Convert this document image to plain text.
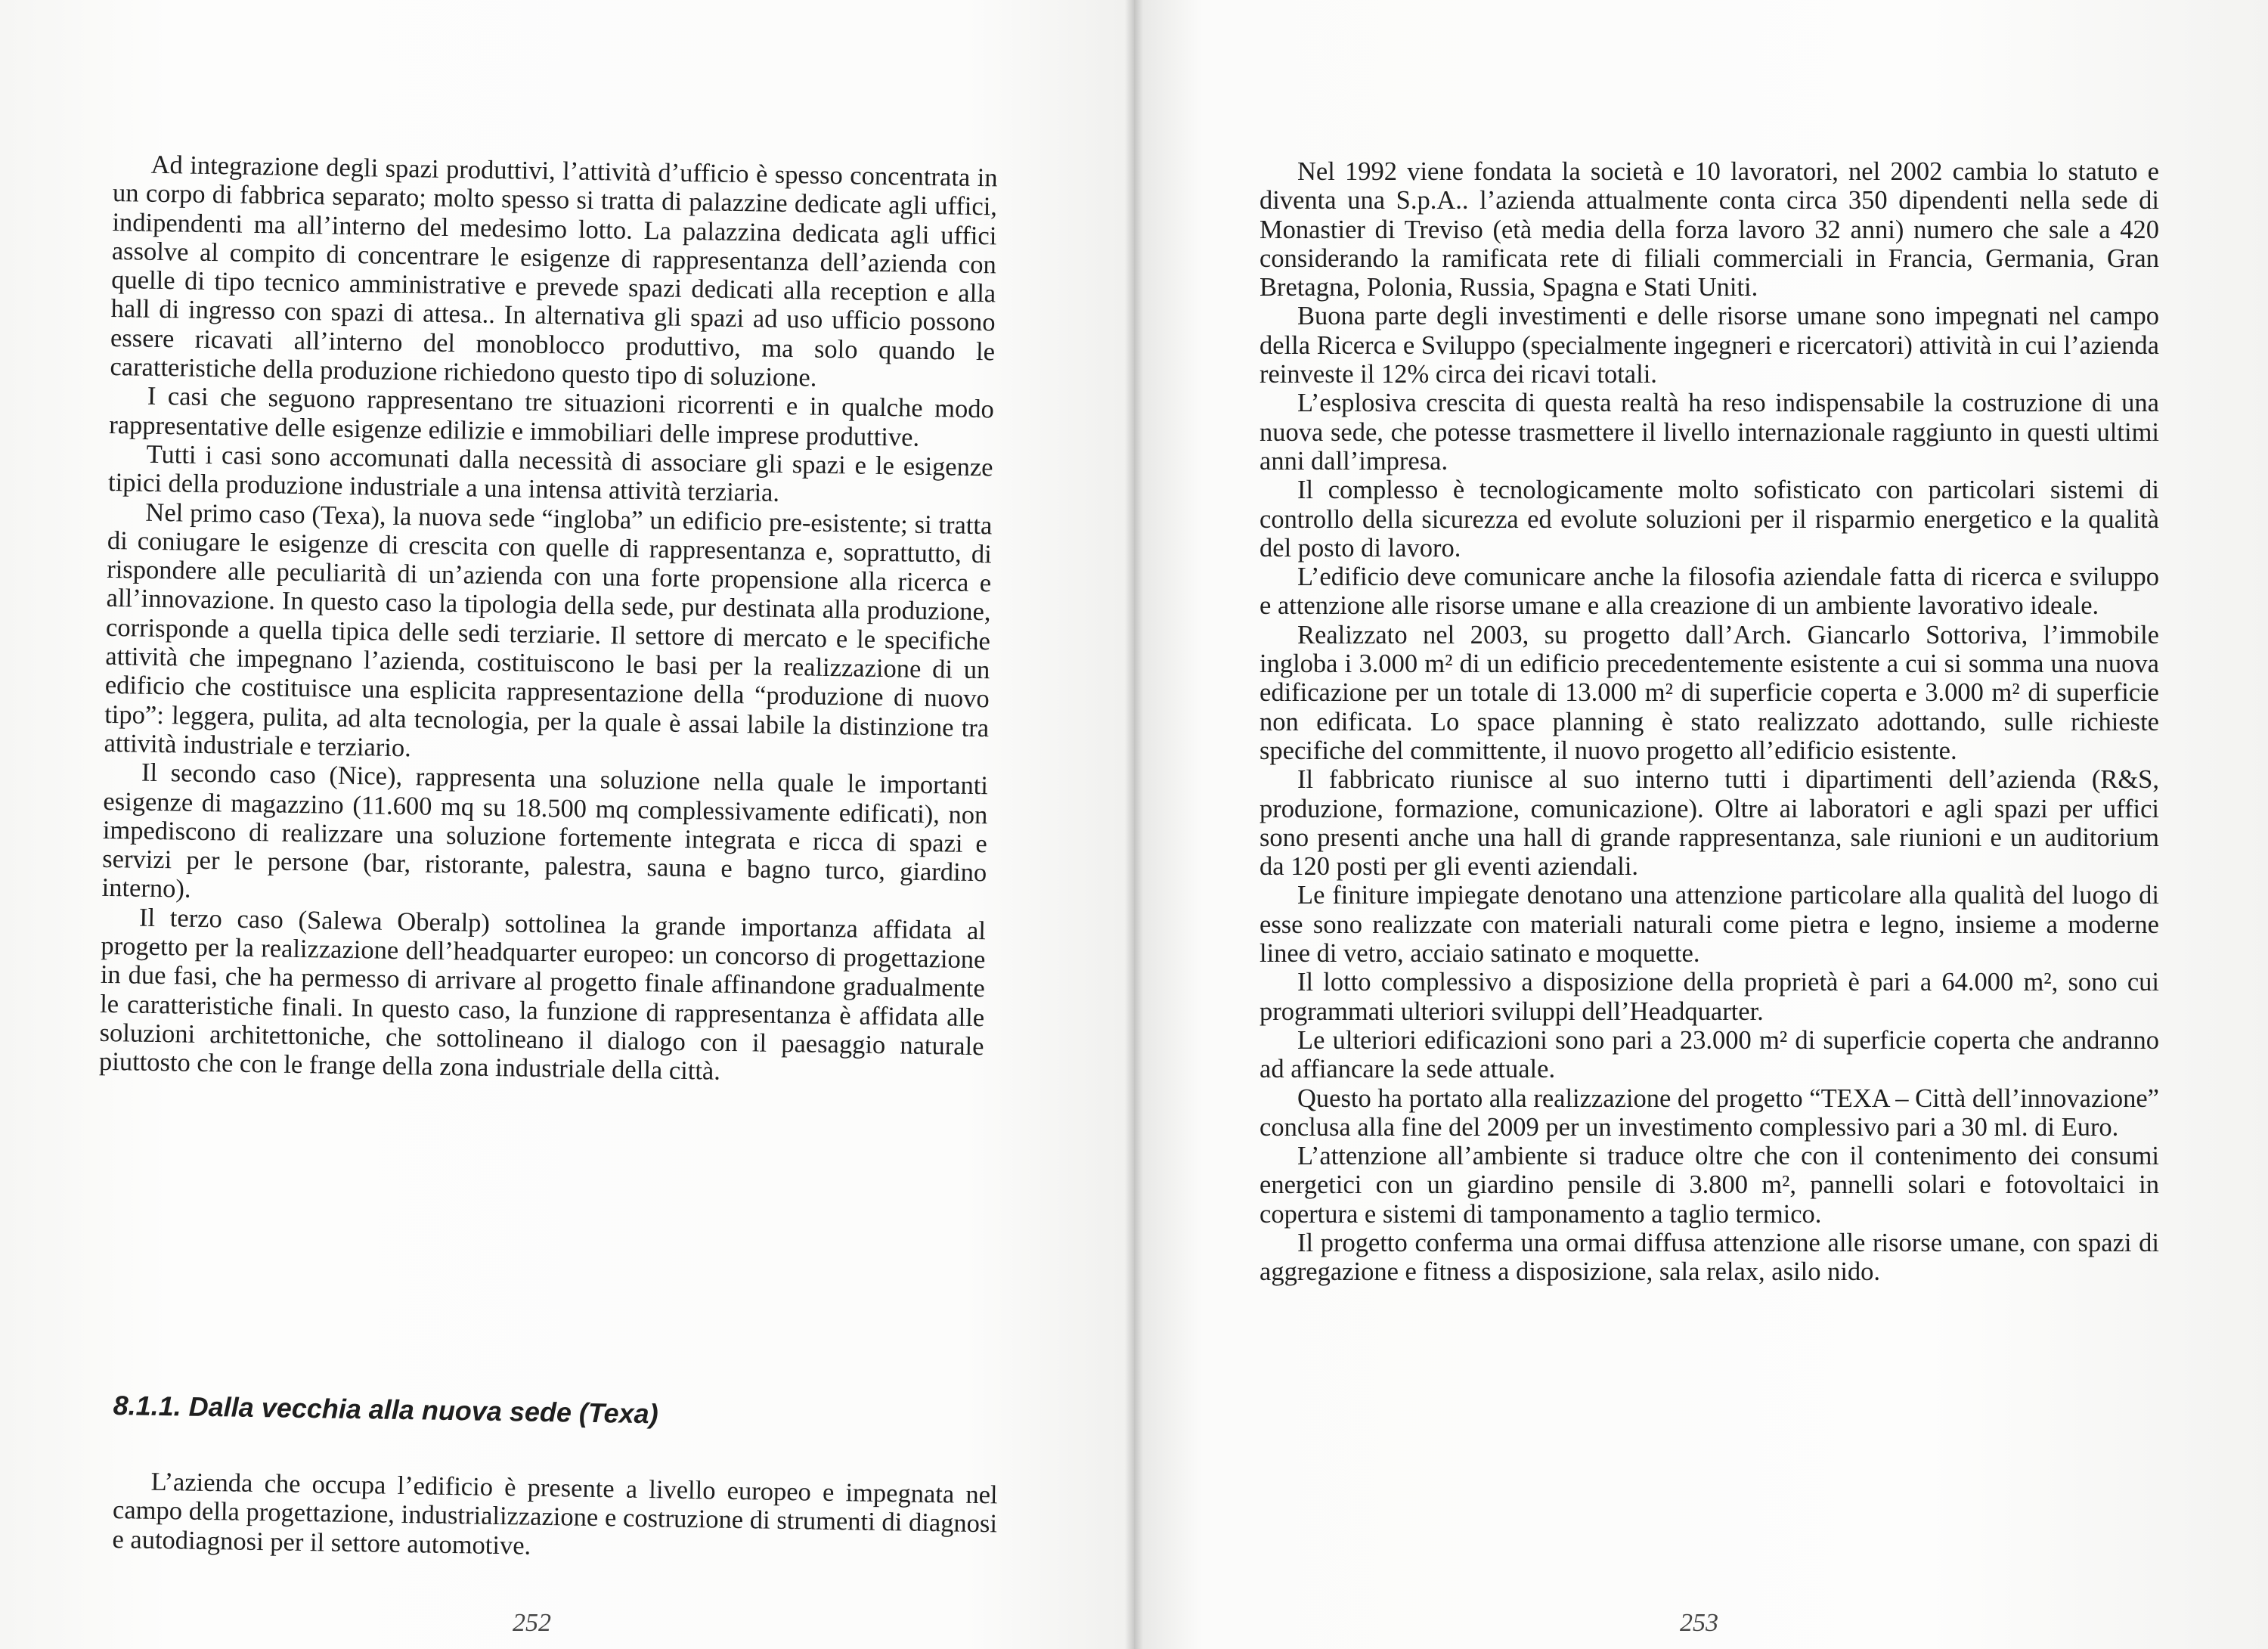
Ad integrazione degli spazi produttivi, l’attività d’ufficio è spesso concentrata in un corpo di fabbrica separato; molto spesso si tratta di palazzine dedicate agli uffici, indipendenti ma all’interno del medesimo lotto. La palazzina dedicata agli uffici assolve al compito di concentrare le esigenze di rappresentanza dell’azienda con quelle di tipo tecnico amministrative e prevede spazi dedicati alla reception e alla hall di ingresso con spazi di attesa.. In alternativa gli spazi ad uso ufficio possono essere ricavati all’interno del monoblocco produttivo, ma solo quando le caratteristiche della produzione richiedono questo tipo di soluzione.

I casi che seguono rappresentano tre situazioni ricorrenti e in qualche modo rappresentative delle esigenze edilizie e immobiliari delle imprese produttive.

Tutti i casi sono accomunati dalla necessità di associare gli spazi e le esigenze tipici della produzione industriale a una intensa attività terziaria.

Nel primo caso (Texa), la nuova sede “ingloba” un edificio pre-esistente; si tratta di coniugare le esigenze di crescita con quelle di rappresentanza e, soprattutto, di rispondere alle peculiarità di un’azienda con una forte propensione alla ricerca e all’innovazione. In questo caso la tipologia della sede, pur destinata alla produzione, corrisponde a quella tipica delle sedi terziarie. Il settore di mercato e le specifiche attività che impegnano l’azienda, costituiscono le basi per la realizzazione di un edificio che costituisce una esplicita rappresentazione della “produzione di nuovo tipo”: leggera, pulita, ad alta tecnologia, per la quale è assai labile la distinzione tra attività industriale e terziario.

Il secondo caso (Nice), rappresenta una soluzione nella quale le importanti esigenze di magazzino (11.600 mq su 18.500 mq complessivamente edificati), non impediscono di realizzare una soluzione fortemente integrata e ricca di spazi e servizi per le persone (bar, ristorante, palestra, sauna e bagno turco, giardino interno).

Il terzo caso (Salewa Oberalp) sottolinea la grande importanza affidata al progetto per la realizzazione dell’headquarter europeo: un concorso di progettazione in due fasi, che ha permesso di arrivare al progetto finale affinandone gradualmente le caratteristiche finali. In questo caso, la funzione di rappresentanza è affidata alle soluzioni architettoniche, che sottolineano il dialogo con il paesaggio naturale piuttosto che con le frange della zona industriale della città.

8.1.1. Dalla vecchia alla nuova sede (Texa)

L’azienda che occupa l’edificio è presente a livello europeo e impegnata nel campo della progettazione, industrializzazione e costruzione di strumenti di diagnosi e autodiagnosi per il settore automotive.

252

Nel 1992 viene fondata la società e 10 lavoratori, nel 2002 cambia lo statuto e diventa una S.p.A.. l’azienda attualmente conta circa 350 dipendenti nella sede di Monastier di Treviso (età media della forza lavoro 32 anni) numero che sale a 420 considerando la ramificata rete di filiali commerciali in Francia, Germania, Gran Bretagna, Polonia, Russia, Spagna e Stati Uniti.

Buona parte degli investimenti e delle risorse umane sono impegnati nel campo della Ricerca e Sviluppo (specialmente ingegneri e ricercatori) attività in cui l’azienda reinveste il 12% circa dei ricavi totali.

L’esplosiva crescita di questa realtà ha reso indispensabile la costruzione di una nuova sede, che potesse trasmettere il livello internazionale raggiunto in questi ultimi anni dall’impresa.

Il complesso è tecnologicamente molto sofisticato con particolari sistemi di controllo della sicurezza ed evolute soluzioni per il risparmio energetico e la qualità del posto di lavoro.

L’edificio deve comunicare anche la filosofia aziendale fatta di ricerca e sviluppo e attenzione alle risorse umane e alla creazione di un ambiente lavorativo ideale.

Realizzato nel 2003, su progetto dall’Arch. Giancarlo Sottoriva, l’immobile ingloba i 3.000 m² di un edificio precedentemente esistente a cui si somma una nuova edificazione per un totale di 13.000 m² di superficie coperta e 3.000 m² di superficie non edificata. Lo space planning è stato realizzato adottando, sulle richieste specifiche del committente, il nuovo progetto all’edificio esistente.

Il fabbricato riunisce al suo interno tutti i dipartimenti dell’azienda (R&S, produzione, formazione, comunicazione). Oltre ai laboratori e agli spazi per uffici sono presenti anche una hall di grande rappresentanza, sale riunioni e un auditorium da 120 posti per gli eventi aziendali.

Le finiture impiegate denotano una attenzione particolare alla qualità del luogo di esse sono realizzate con materiali naturali come pietra e legno, insieme a moderne linee di vetro, acciaio satinato e moquette.

Il lotto complessivo a disposizione della proprietà è pari a 64.000 m², sono cui programmati ulteriori sviluppi dell’Headquarter.

Le ulteriori edificazioni sono pari a 23.000 m² di superficie coperta che andranno ad affiancare la sede attuale.

Questo ha portato alla realizzazione del progetto “TEXA – Città dell’innovazione” conclusa alla fine del 2009 per un investimento complessivo pari a 30 ml. di Euro.

L’attenzione all’ambiente si traduce oltre che con il contenimento dei consumi energetici con un giardino pensile di 3.800 m², pannelli solari e fotovoltaici in copertura e sistemi di tamponamento a taglio termico.

Il progetto conferma una ormai diffusa attenzione alle risorse umane, con spazi di aggregazione e fitness a disposizione, sala relax, asilo nido.

253
